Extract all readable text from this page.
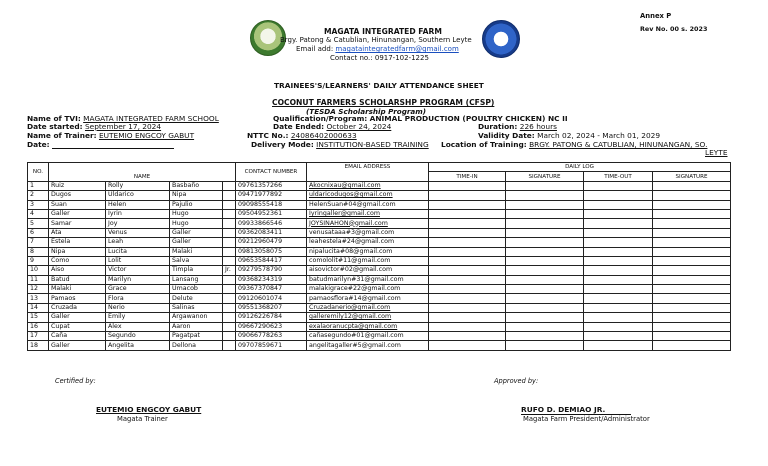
Annex P
Rev No. 00 s. 2023
MAGATA INTEGRATED FARM
Brgy. Patong & Catublian, Hinunangan, Southern Leyte
Email add: magataintegratedfarm@gmail.com
Contact no.: 0917-102-1225
TRAINEES'S/LEARNERS' DAILY ATTENDANCE SHEET
COCONUT FARMERS SCHOLARSHP PROGRAM (CFSP)
(TESDA Scholarship Program)
Name of TVI: MAGATA INTEGRATED FARM SCHOOL
Date started: September 17, 2024
Name of Trainer: EUTEMIO ENGCOY GABUT
Date:
Qualification/Program: ANIMAL PRODUCTION (POULTRY CHICKEN) NC II
Date Ended: October 24, 2024
NTTC No.: 24086402000633
Delivery Mode: INSTITUTION-BASED TRAINING
Duration: 226 hours
Validity Date: March 02, 2024 - March 01, 2029
Location of Training: BRGY. PATONG & CATUBLIAN, HINUNANGAN, SO.
LEYTE
NO.	NAME				CONTACT NUMBER	EMAIL ADDRESS	DAILY LOG			
							TIME-IN	SIGNATURE	TIME-OUT	SIGNATURE
1	Ruiz	Rolly	Basbaño		09761357266	Akocnixau@gmail.com				
2	Dugos	Uldarico	Nipa		09471977892	uldaricodugos@gmail.com				
3	Suan	Helen	Pajulio		09098555418	HelenSuan#04@gmail.com				
4	Galler	Iyrin	Hugo		09504952361	Iyringaller@gmail.com				
5	Samar	Joy	Hugo		09933866546	JOYSINAHON@gmail.com				
6	Ata	Venus	Galler		09362083411	venusataaa#3@gmail.com				
7	Estela	Leah	Galler		09212960479	leahestela#24@gmail.com				
8	Nipa	Lucita	Malaki		09813058075	nipalucita#08@gmail.com				
9	Como	Lolit	Salva		09653584417	comololit#11@gmail.com				
10	Aiso	Victor	Timpla	Jr.	09279578790	aisovictor#02@gmail.com				
11	Batud	Marilyn	Lansang		09368234319	batudmarilyn#31@gmail.com				
12	Malaki	Grace	Umacob		09367370847	malakigrace#22@gmail.com				
13	Pamaos	Flora	Delute		09120601074	pamaosflora#14@gmail.com				
14	Cruzada	Nerio	Salinas		09551368207	Cruzadanerio@gmail.com				
15	Galler	Emily	Argawanon		09126226784	galleremily12@gmail.com				
16	Cupat	Alex	Aaron		09667290623	exalaoranucpta@gmail.com				
17	Caña	Segundo	Pagatpat		09066778263	cañasegundo#01@gmail.com				
18	Galler	Angelita	Dellona		09707859671	angelitagaller#5@gmail.com				
Certified by:
EUTEMIO ENGCOY GABUT
Magata Trainer
Approved by:
RUFO D. DEMIAO JR.
Magata Farm President/Administrator
